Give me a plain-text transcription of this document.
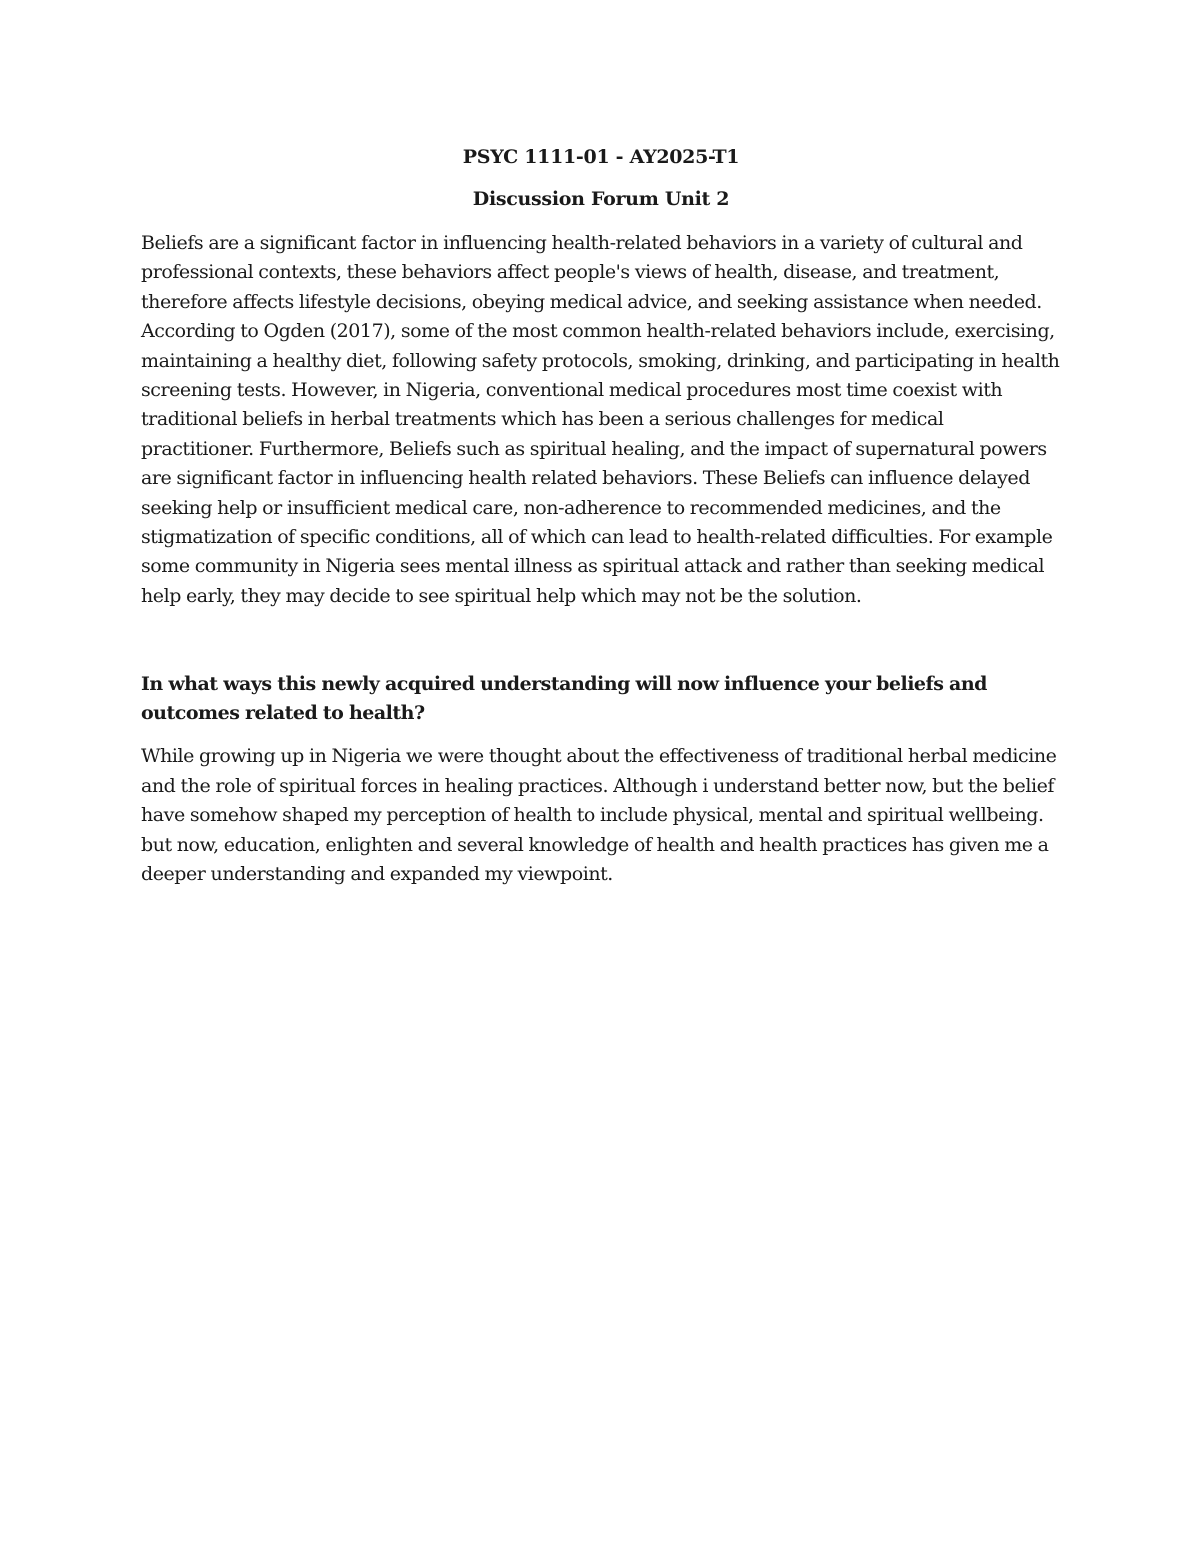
PSYC 1111-01 - AY2025-T1
Discussion Forum Unit 2

Beliefs are a significant factor in influencing health-related behaviors in a variety of cultural and professional contexts, these behaviors affect people's views of health, disease, and treatment, therefore affects lifestyle decisions, obeying medical advice, and seeking assistance when needed. According to Ogden (2017), some of the most common health-related behaviors include, exercising, maintaining a healthy diet, following safety protocols, smoking, drinking, and participating in health screening tests. However, in Nigeria, conventional medical procedures most time coexist with traditional beliefs in herbal treatments which has been a serious challenges for medical practitioner. Furthermore, Beliefs such as spiritual healing, and the impact of supernatural powers are significant factor in influencing health related behaviors. These Beliefs can influence delayed seeking help or insufficient medical care, non-adherence to recommended medicines, and the stigmatization of specific conditions, all of which can lead to health-related difficulties. For example some community in Nigeria sees mental illness as spiritual attack and rather than seeking medical help early, they may decide to see spiritual help which may not be the solution.

In what ways this newly acquired understanding will now influence your beliefs and outcomes related to health?

While growing up in Nigeria we were thought about the effectiveness of traditional herbal medicine and the role of spiritual forces in healing practices. Although i understand better now, but the belief have somehow shaped my perception of health to include physical, mental and spiritual wellbeing. but now, education, enlighten and several knowledge of health and health practices has given me a deeper understanding and expanded my viewpoint.
